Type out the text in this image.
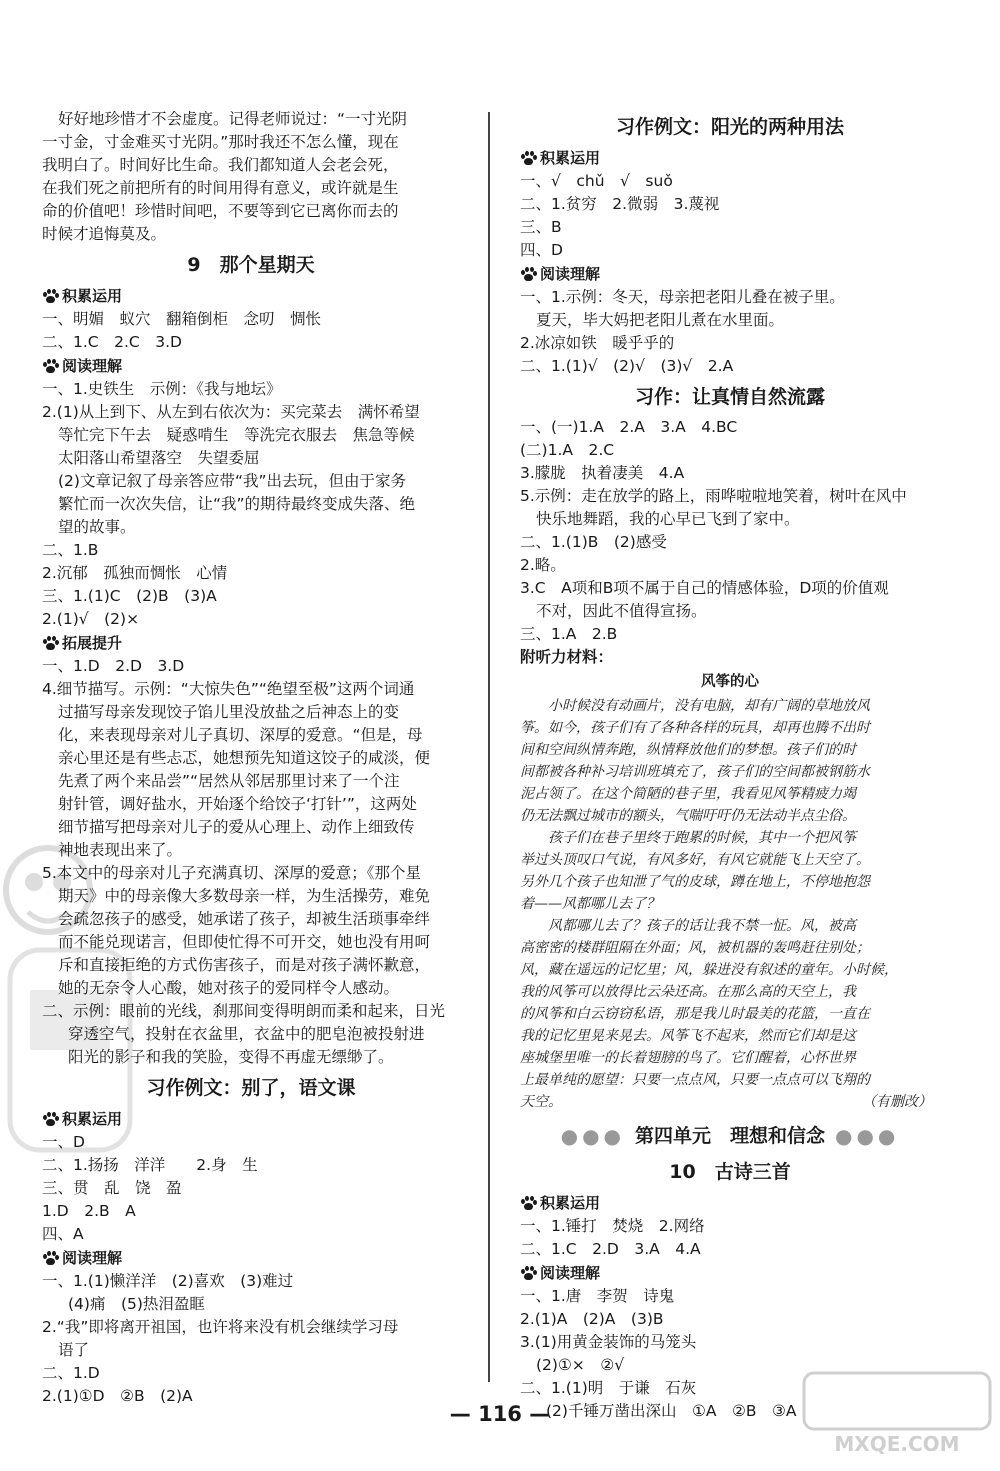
好好地珍惜才不会虚度。记得老师说过：“一寸光阴
一寸金，寸金难买寸光阴。”那时我还不怎么懂，现在
我明白了。时间好比生命。我们都知道人会老会死，
在我们死之前把所有的时间用得有意义，或许就是生
命的价值吧！珍惜时间吧，不要等到它已离你而去的
时候才追悔莫及。
9　那个星期天
积累运用
一、明媚　蚁穴　翻箱倒柜　念叨　惆怅
二、1.C　2.C　3.D
阅读理解
一、1.史铁生　示例：《我与地坛》
2.(1)从上到下、从左到右依次为：买完菜去　满怀希望
等忙完下午去　疑惑啃生　等洗完衣服去　焦急等候
太阳落山希望落空　失望委屈
(2)文章记叙了母亲答应带“我”出去玩，但由于家务
繁忙而一次次失信，让“我”的期待最终变成失落、绝
望的故事。
二、1.B
2.沉郁　孤独而惆怅　心情
三、1.(1)C　(2)B　(3)A
2.(1)√　(2)×
拓展提升
一、1.D　2.D　3.D
4.细节描写。示例：“大惊失色”“绝望至极”这两个词通
过描写母亲发现饺子馅儿里没放盐之后神态上的变
化，来表现母亲对儿子真切、深厚的爱意。“但是，母
亲心里还是有些忐忑，她想预先知道这饺子的咸淡，便
先煮了两个来品尝”“居然从邻居那里讨来了一个注
射针管，调好盐水，开始逐个给饺子‘打针’”，这两处
细节描写把母亲对儿子的爱从心理上、动作上细致传
神地表现出来了。
5.本文中的母亲对儿子充满真切、深厚的爱意；《那个星
期天》中的母亲像大多数母亲一样，为生活操劳，难免
会疏忽孩子的感受，她承诺了孩子，却被生活琐事牵绊
而不能兑现诺言，但即使忙得不可开交，她也没有用呵
斥和直接拒绝的方式伤害孩子，而是对孩子满怀歉意，
她的无奈令人心酸，她对孩子的爱同样令人感动。
二、示例：眼前的光线，刹那间变得明朗而柔和起来，日光
穿透空气，投射在衣盆里，衣盆中的肥皂泡被投射进
阳光的影子和我的笑脸，变得不再虚无缥缈了。
习作例文：别了，语文课
积累运用
一、D
二、1.扬扬　洋洋　　2.身　生
三、贯　乱　饶　盈
1.D　2.B　A
四、A
阅读理解
一、1.(1)懒洋洋　(2)喜欢　(3)难过
(4)痛　(5)热泪盈眶
2.“我”即将离开祖国，也许将来没有机会继续学习母
语了
二、1.D
2.(1)①D　②B　(2)A
习作例文：阳光的两种用法
积累运用
一、√　chǔ　√　suǒ
二、1.贫穷　2.微弱　3.蔑视
三、B
四、D
阅读理解
一、1.示例：冬天，母亲把老阳儿叠在被子里。
夏天，毕大妈把老阳儿煮在水里面。
2.冰凉如铁　暖乎乎的
二、1.(1)√　(2)√　(3)√　2.A
习作：让真情自然流露
一、(一)1.A　2.A　3.A　4.BC
(二)1.A　2.C
3.朦胧　执着凄美　4.A
5.示例：走在放学的路上，雨哗啦啦地笑着，树叶在风中
快乐地舞蹈，我的心早已飞到了家中。
二、1.(1)B　(2)感受
2.略。
3.C　A项和B项不属于自己的情感体验，D项的价值观
不对，因此不值得宣扬。
三、1.A　2.B
附听力材料：
风筝的心
小时候没有动画片，没有电脑，却有广阔的草地放风
筝。如今，孩子们有了各种各样的玩具，却再也腾不出时
间和空间纵情奔跑，纵情释放他们的梦想。孩子们的时
间都被各种补习培训班填充了，孩子们的空间都被钢筋水
泥占领了。在这个简陋的巷子里，我看见风筝精疲力竭
仍无法飘过城市的额头，气喘吁吁仍无法动半点尘俗。
孩子们在巷子里终于跑累的时候，其中一个把风筝
举过头顶叹口气说，有风多好，有风它就能飞上天空了。
另外几个孩子也知泄了气的皮球，蹲在地上，不停地抱怨
着——风都哪儿去了？
风都哪儿去了？孩子的话让我不禁一怔。风，被高
高密密的楼群阻隔在外面；风，被机器的轰鸣赶往别处；
风，藏在遥远的记忆里；风，躲进没有叙述的童年。小时候，
我的风筝可以放得比云朵还高。在那么高的天空上，我
的风筝和白云窃窃私语，那是我儿时最美的花篮，一直在
我的记忆里晃来晃去。风筝飞不起来，然而它们却是这
座城堡里唯一的长着翅膀的鸟了。它们醒着，心怀世界
上最单纯的愿望：只要一点点风，只要一点点可以飞翔的
天空。	（有删改）
●●● 第四单元　理想和信念 ●●●
10　古诗三首
积累运用
一、1.锤打　焚烧　2.网络
二、1.C　2.D　3.A　4.A
阅读理解
一、1.唐　李贺　诗鬼
2.(1)A　(2)A　(3)B
3.(1)用黄金装饰的马笼头
(2)①×　②√
二、1.(1)明　于谦　石灰
(2)千锤万凿出深山　①A　②B　③A
— 116 —
MXQE.COM
